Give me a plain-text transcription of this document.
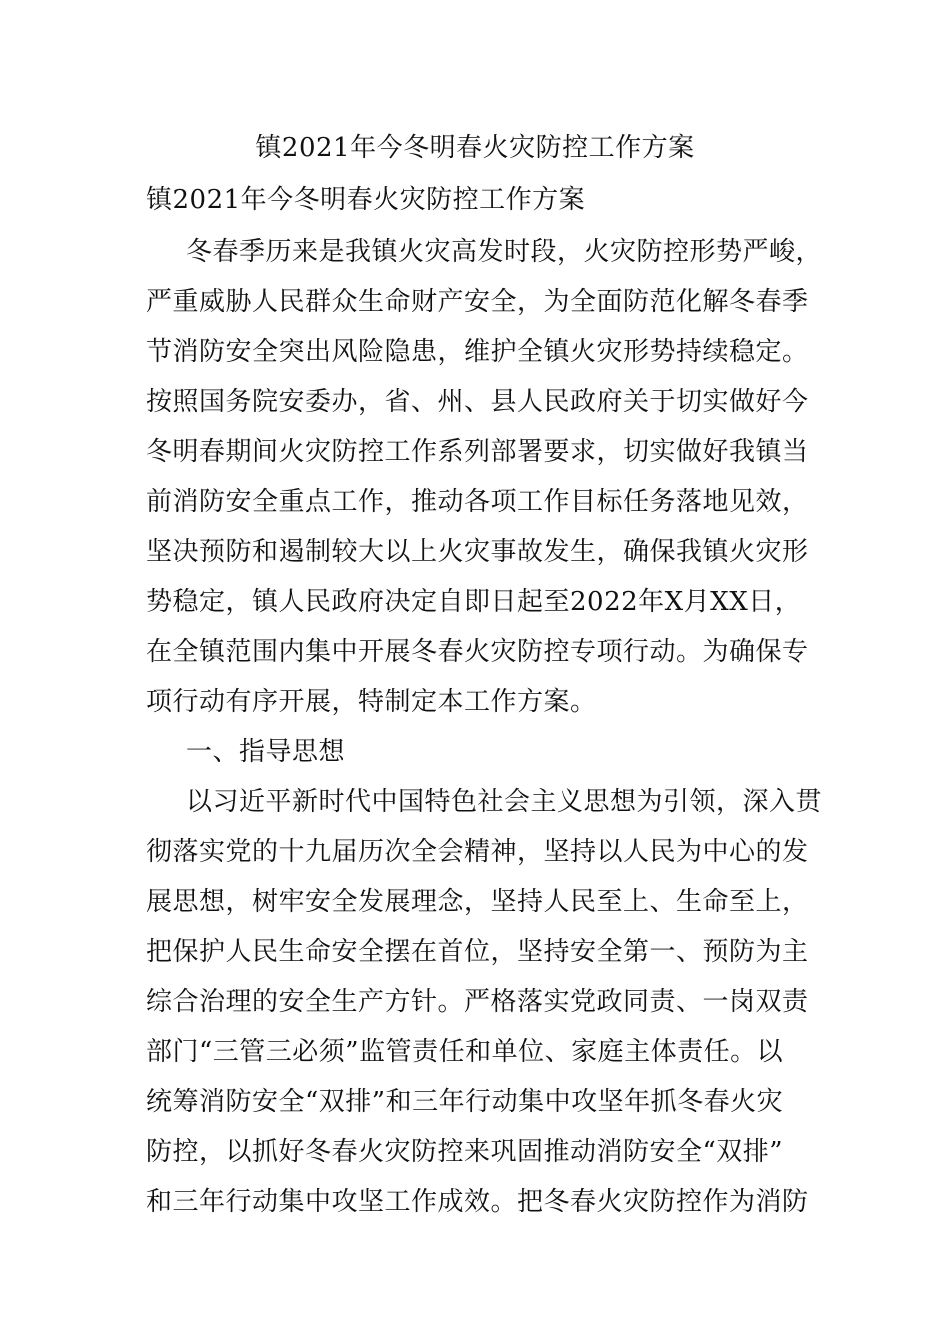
镇2021年今冬明春火灾防控工作方案
镇2021年今冬明春火灾防控工作方案
冬春季历来是我镇火灾高发时段，火灾防控形势严峻，
严重威胁人民群众生命财产安全，为全面防范化解冬春季
节消防安全突出风险隐患，维护全镇火灾形势持续稳定。
按照国务院安委办，省、州、县人民政府关于切实做好今
冬明春期间火灾防控工作系列部署要求，切实做好我镇当
前消防安全重点工作，推动各项工作目标任务落地见效，
坚决预防和遏制较大以上火灾事故发生，确保我镇火灾形
势稳定，镇人民政府决定自即日起至2022年X月XX日，
在全镇范围内集中开展冬春火灾防控专项行动。为确保专
项行动有序开展，特制定本工作方案。
一、指导思想
以习近平新时代中国特色社会主义思想为引领，深入贯
彻落实党的十九届历次全会精神，坚持以人民为中心的发
展思想，树牢安全发展理念，坚持人民至上、生命至上，
把保护人民生命安全摆在首位，坚持安全第一、预防为主
综合治理的安全生产方针。严格落实党政同责、一岗双责
部门“三管三必须”监管责任和单位、家庭主体责任。以
统筹消防安全“双排”和三年行动集中攻坚年抓冬春火灾
防控，以抓好冬春火灾防控来巩固推动消防安全“双排”
和三年行动集中攻坚工作成效。把冬春火灾防控作为消防
